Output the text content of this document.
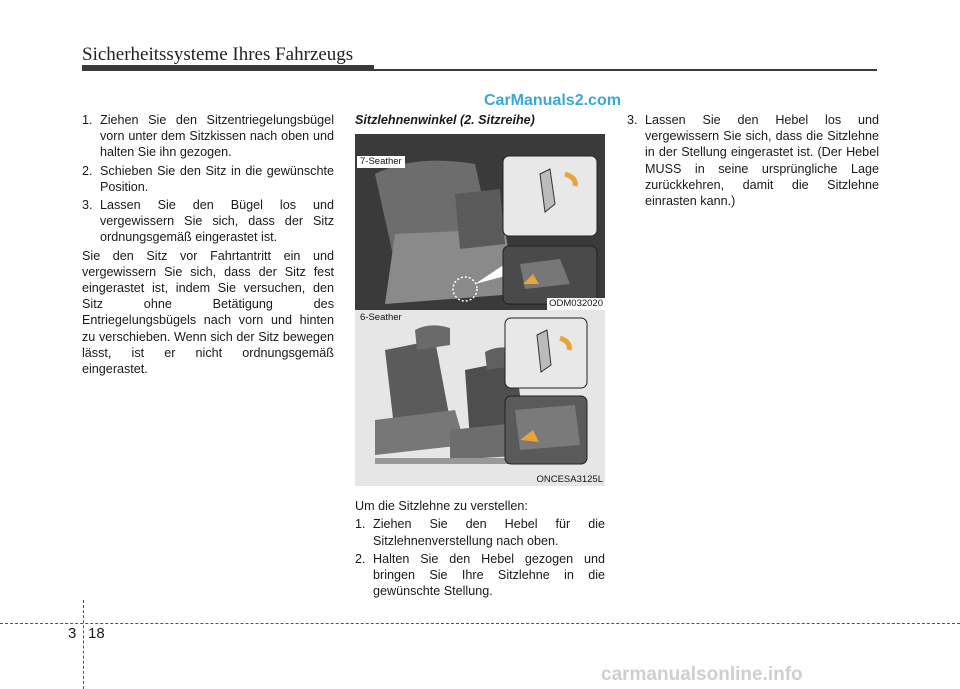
Sicherheitssysteme Ihres Fahrzeugs
CarManuals2.com
1. Ziehen Sie den Sitzentriegelungsbügel vorn unter dem Sitzkissen nach oben und halten Sie ihn gezogen.
2. Schieben Sie den Sitz in die gewünschte Position.
3. Lassen Sie den Bügel los und vergewissern Sie sich, dass der Sitz ordnungsgemäß eingerastet ist.

Sie den Sitz vor Fahrtantritt ein und vergewissern Sie sich, dass der Sitz fest eingerastet ist, indem Sie versuchen, den Sitz ohne Betätigung des Entriegelungsbügels nach vorn und hinten zu verschieben. Wenn sich der Sitz bewegen lässt, ist er nicht ordnungsgemäß eingerastet.

Sitzlehnenwinkel (2. Sitzreihe)

7-Seather
ODM032020
6-Seather
ONCESA3125L

Um die Sitzlehne zu verstellen:

1. Ziehen Sie den Hebel für die Sitzlehnenverstellung nach oben.
2. Halten Sie den Hebel gezogen und bringen Sie Ihre Sitzlehne in die gewünschte Stellung.
3. Lassen Sie den Hebel los und vergewissern Sie sich, dass die Sitzlehne in der Stellung eingerastet ist. (Der Hebel MUSS in seine ursprüngliche Lage zurückkehren, damit die Sitzlehne einrasten kann.)
3 18
carmanualsonline.info
